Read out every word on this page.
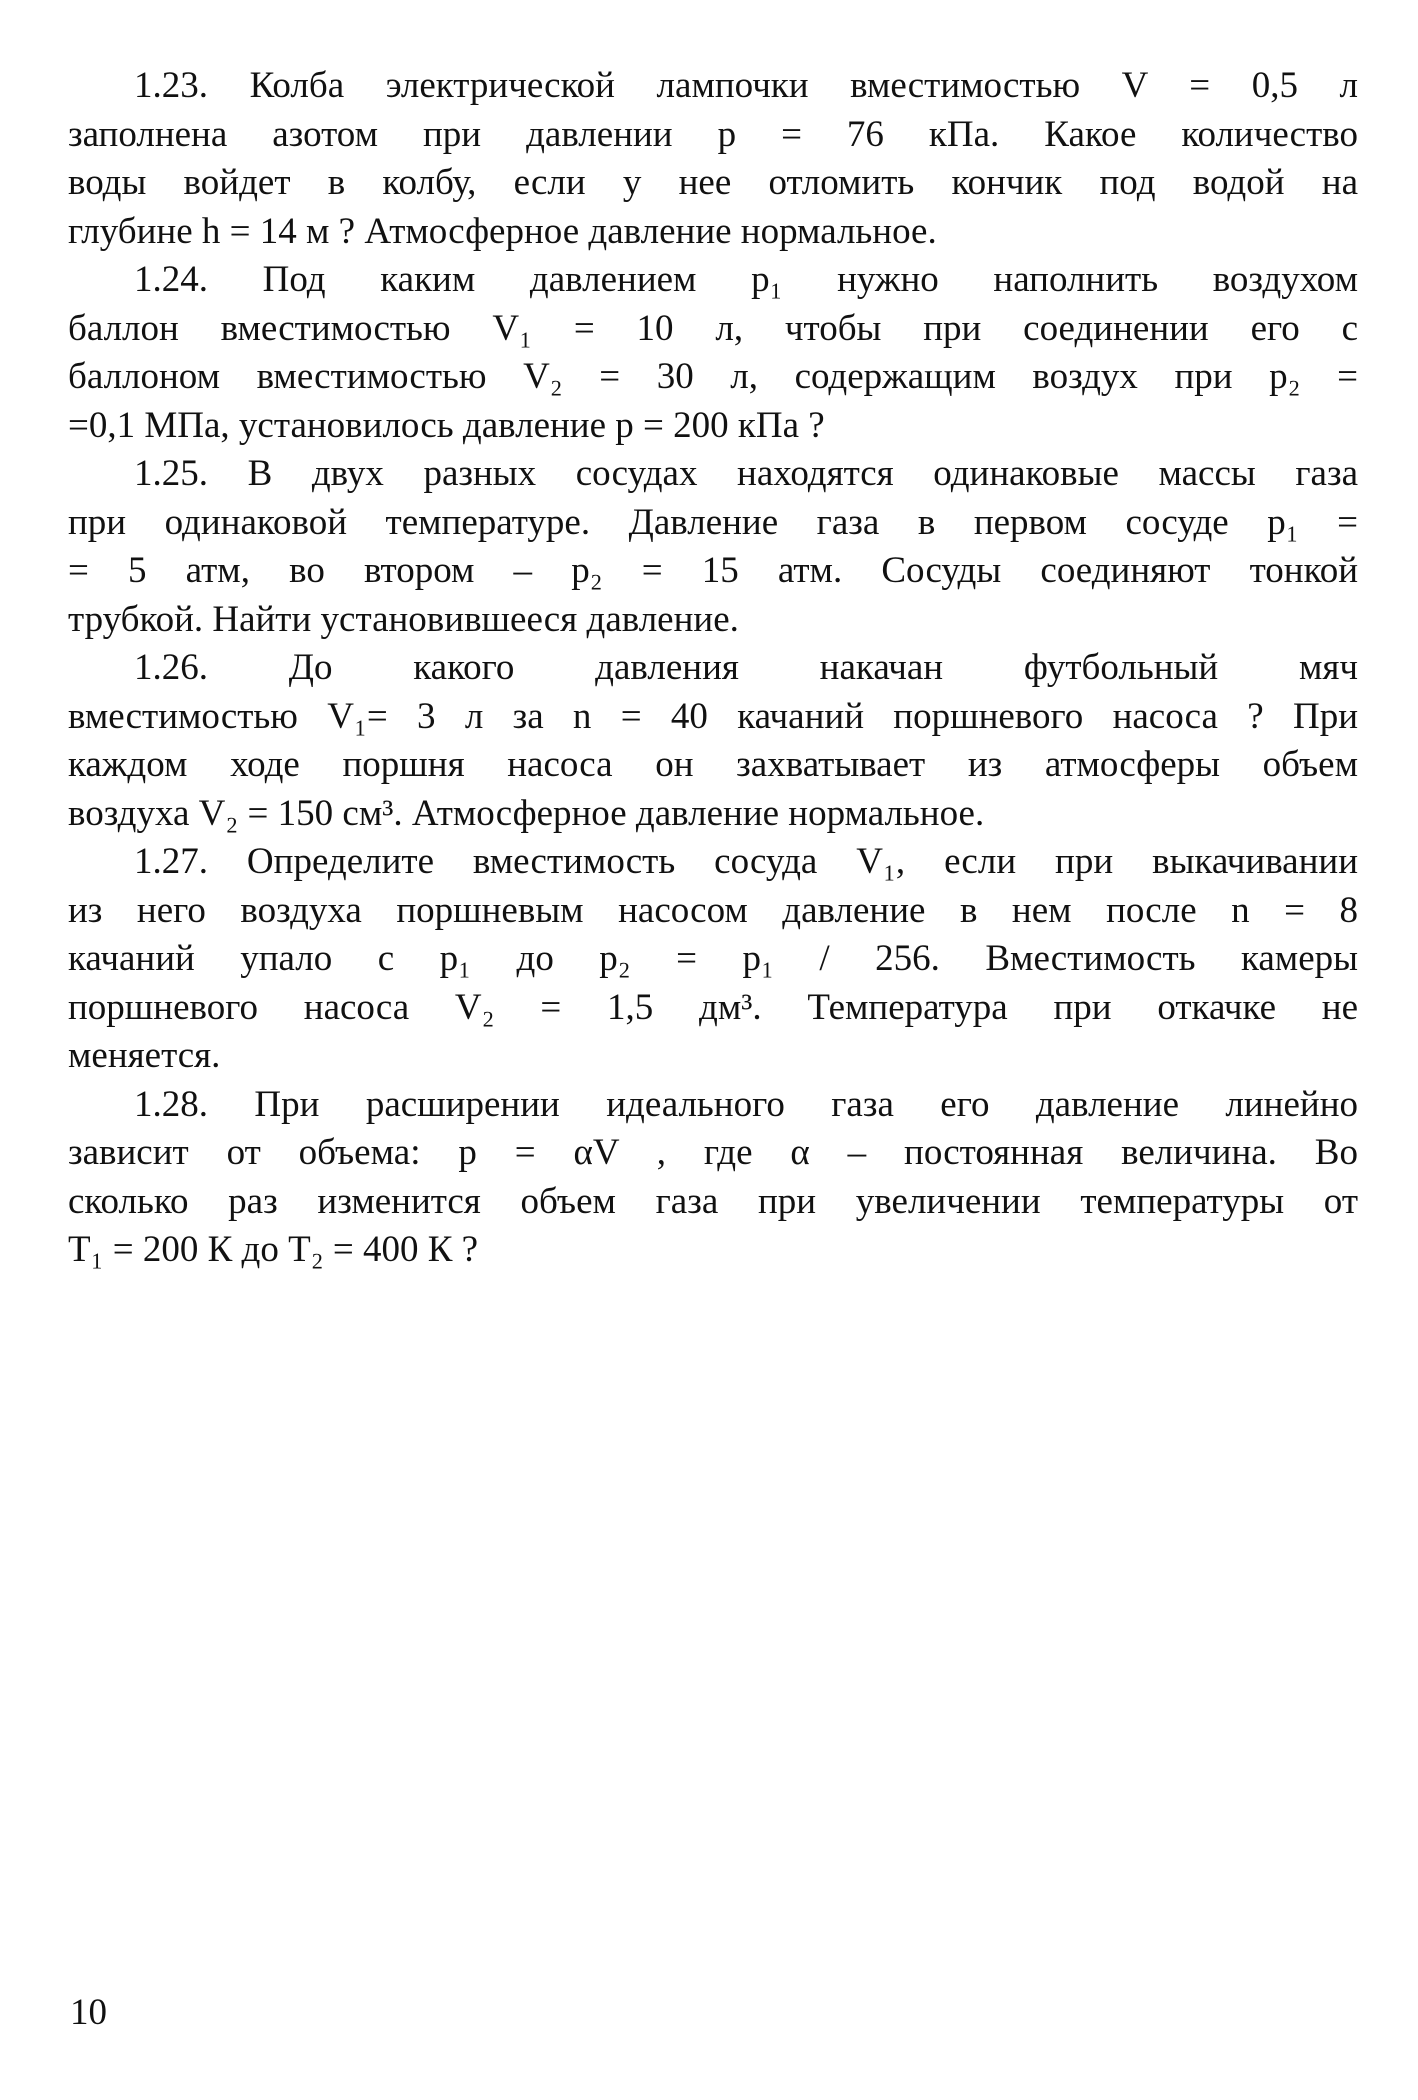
1.23. Колба электрической лампочки вместимостью V = 0,5 л
заполнена азотом при давлении p = 76 кПа. Какое количество
воды войдет в колбу, если у нее отломить кончик под водой на
глубине h = 14 м ? Атмосферное давление нормальное.
1.24. Под каким давлением p₁ нужно наполнить воздухом
баллон вместимостью V₁ = 10 л, чтобы при соединении его с
баллоном вместимостью V₂ = 30 л, содержащим воздух при p₂ =
=0,1 МПа, установилось давление p = 200 кПа ?
1.25. В двух разных сосудах находятся одинаковые массы газа
при одинаковой температуре. Давление газа в первом сосуде p₁ =
= 5 атм, во втором – p₂ = 15 атм. Сосуды соединяют тонкой
трубкой. Найти установившееся давление.
1.26. До какого давления накачан футбольный мяч
вместимостью V₁= 3 л за n = 40 качаний поршневого насоса ? При
каждом ходе поршня насоса он захватывает из атмосферы объем
воздуха V₂ = 150 см³. Атмосферное давление нормальное.
1.27. Определите вместимость сосуда V₁, если при выкачивании
из него воздуха поршневым насосом давление в нем после n = 8
качаний упало с p₁ до p₂ = p₁ / 256. Вместимость камеры
поршневого насоса V₂ = 1,5 дм³. Температура при откачке не
меняется.
1.28. При расширении идеального газа его давление линейно
зависит от объема: p = αV , где α – постоянная величина. Во
сколько раз изменится объем газа при увеличении температуры от
T₁ = 200 К до T₂ = 400 К ?
10
